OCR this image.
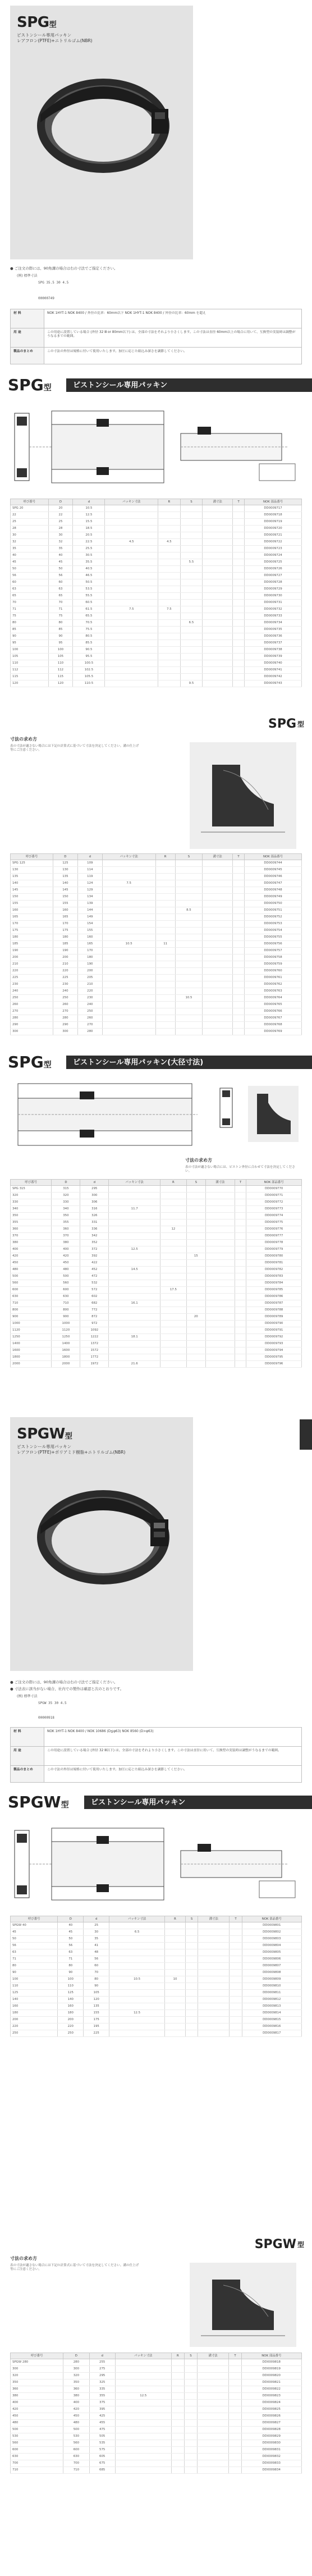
SPG型
ピストンシール専用パッキン
レアフロン(PTFE)+ニトリルゴム(NBR)
● ご注文の際には、90角溝の場合は右の寸法でご指定ください。
(例) 標準寸法
SPG 35.5 30 4.5
00000749
材 料	NOK 1HYT-1 NOK 8400 / 外径の比率：60mm以下 NOK 1HYT-1 NOK 8400 / 外径の比率：60mm を超え
用 途	この用途に設置している場合 (外径 32 Ⅲ or 80mm以下) は、全部の寸法をそれより小さくします。この寸法は直径 60mm以上の場合に用いて、互換型の実装時は調整がうなるまでの範囲。
製品のまとめ	この寸法の外径は規格に付いて使用いたします。加圧に応じた組込み深さを調節してください。
SPG型	ピストンシール専用パッキン
呼び番号	D	d	パッキン寸法	R	S	溝寸法	T	NOK 部品番号
SPG 20	20	10.5						DD0009717
22	22	12.5						DD0009718
25	25	15.5						DD0009719
28	28	18.5						DD0009720
30	30	20.5						DD0009721
32	32	22.5	4.5	4.5				DD0009722
35	35	25.5						DD0009723
40	40	30.5						DD0009724
45	45	35.5			5.5			DD0009725
50	50	40.5						DD0009726
56	56	46.5						DD0009727
60	60	50.5						DD0009728
63	63	53.5						DD0009729
65	65	55.5						DD0009730
70	70	60.5						DD0009731
71	71	61.5	7.5	7.5				DD0009732
75	75	65.5						DD0009733
80	80	70.5			6.5			DD0009734
85	85	75.5						DD0009735
90	90	80.5						DD0009736
95	95	85.5						DD0009737
100	100	90.5						DD0009738
105	105	95.5						DD0009739
110	110	100.5						DD0009740
112	112	102.5						DD0009741
115	115	105.5						DD0009742
120	120	110.5			9.5			DD0009743
SPG 型
寸法の求め方
表の寸法が適さない場合には下記の計算式に基づいて寸法を決定してください。溝の仕上げ等にご注意ください。
呼び番号	D	d	パッキン寸法	R	S	溝寸法	T	NOK 部品番号
SPG 125	125	109						DD0009744
130	130	114						DD0009745
135	135	119						DD0009746
140	140	124	7.5					DD0009747
145	145	129						DD0009748
150	150	134						DD0009749
155	155	139						DD0009750
160	160	144			8.5			DD0009751
165	165	149						DD0009752
170	170	154						DD0009753
175	175	155						DD0009754
180	180	160						DD0009755
185	185	165	10.5	11				DD0009756
190	190	170						DD0009757
200	200	180						DD0009758
210	210	190						DD0009759
220	220	200						DD0009760
225	225	205						DD0009761
230	230	210						DD0009762
240	240	220						DD0009763
250	250	230			10.5			DD0009764
260	260	240						DD0009765
270	270	250						DD0009766
280	280	260						DD0009767
290	290	270						DD0009768
300	300	280						DD0009769
SPG型	ピストンシール専用パッキン(大径寸法)
寸法の求め方
表の寸法が適さない場合には、ピストン外径に合わせて寸法を決定してください。
呼び番号	D	d	パッキン寸法	R	S	溝寸法	T	NOK 部品番号
SPG 315	315	295						DD0009770
320	320	300						DD0009771
330	330	306						DD0009772
340	340	316	11.7					DD0009773
350	350	326						DD0009774
355	355	331						DD0009775
360	360	336		12				DD0009776
370	370	342						DD0009777
380	380	352						DD0009778
400	400	372	12.5					DD0009779
420	420	392			15			DD0009780
450	450	422						DD0009781
480	480	452	14.5					DD0009782
500	500	472						DD0009783
560	560	532						DD0009784
600	600	572		17.5				DD0009785
630	630	602						DD0009786
710	710	682	16.1					DD0009787
800	800	772						DD0009788
900	900	872			20			DD0009789
1000	1000	972						DD0009790
1120	1120	1092						DD0009791
1250	1250	1222	18.1					DD0009792
1400	1400	1372						DD0009793
1600	1600	1572						DD0009794
1800	1800	1772						DD0009795
2000	2000	1972	21.6					DD0009796
SPGW型
ピストンシール専用パッキン
レアフロン(PTFE)+ポリアミド樹脂+ニトリルゴム(NBR)
● ご注文の際には、90角溝の場合は右の寸法でご指定ください。
● 寸法表に該当がない場合、社内での製作は確認と次のとおりです。
(例) 標準寸法
SPGW 35 30 4.5
00000918
材 料	NOK 1HYT-1 NOK 8400 / NOK 10686 (D≦φ63) NOK 8560 (D>φ63)
用 途	この用途に設置している場合 (外径 32 Ⅲ以下) は、全部の寸法をそれより小さくします。この寸法は直径に用いて、互換型の実装時は調整がうなるまでの範囲。
製品のまとめ	この寸法の外径は規格に付いて使用いたします。加圧に応じた組込み深さを調節してください。
SPGW型	ピストンシール専用パッキン
呼び番号	D	d	パッキン寸法	R	S	溝寸法	T	NOK 部品番号
SPGW 40	40	25						DD0009801
45	45	30	6.5					DD0009802
50	50	35						DD0009803
56	56	41						DD0009804
63	63	48						DD0009805
71	71	56						DD0009806
80	80	60						DD0009807
90	90	70						DD0009808
100	100	80	10.5	10				DD0009809
110	110	90						DD0009810
125	125	105						DD0009811
140	140	120						DD0009812
160	160	135						DD0009813
180	180	155	12.5					DD0009814
200	200	175						DD0009815
220	220	195						DD0009816
250	250	225						DD0009817
SPGW 型
寸法の求め方
表の寸法が適さない場合には下記の計算式に基づいて寸法を決定してください。溝の仕上げ等にご注意ください。
呼び番号	D	d	パッキン寸法	R	S	溝寸法	T	NOK 部品番号
SPGW 280	280	255						DD0009818
300	300	275						DD0009819
320	320	295						DD0009820
350	350	325						DD0009821
360	360	335						DD0009822
380	380	355	12.5					DD0009823
400	400	375						DD0009824
420	420	395						DD0009825
450	450	425						DD0009826
480	480	455						DD0009827
500	500	475						DD0009828
530	530	505						DD0009829
560	560	535						DD0009830
600	600	575						DD0009831
630	630	605						DD0009832
700	700	675						DD0009833
710	710	685						DD0009834
